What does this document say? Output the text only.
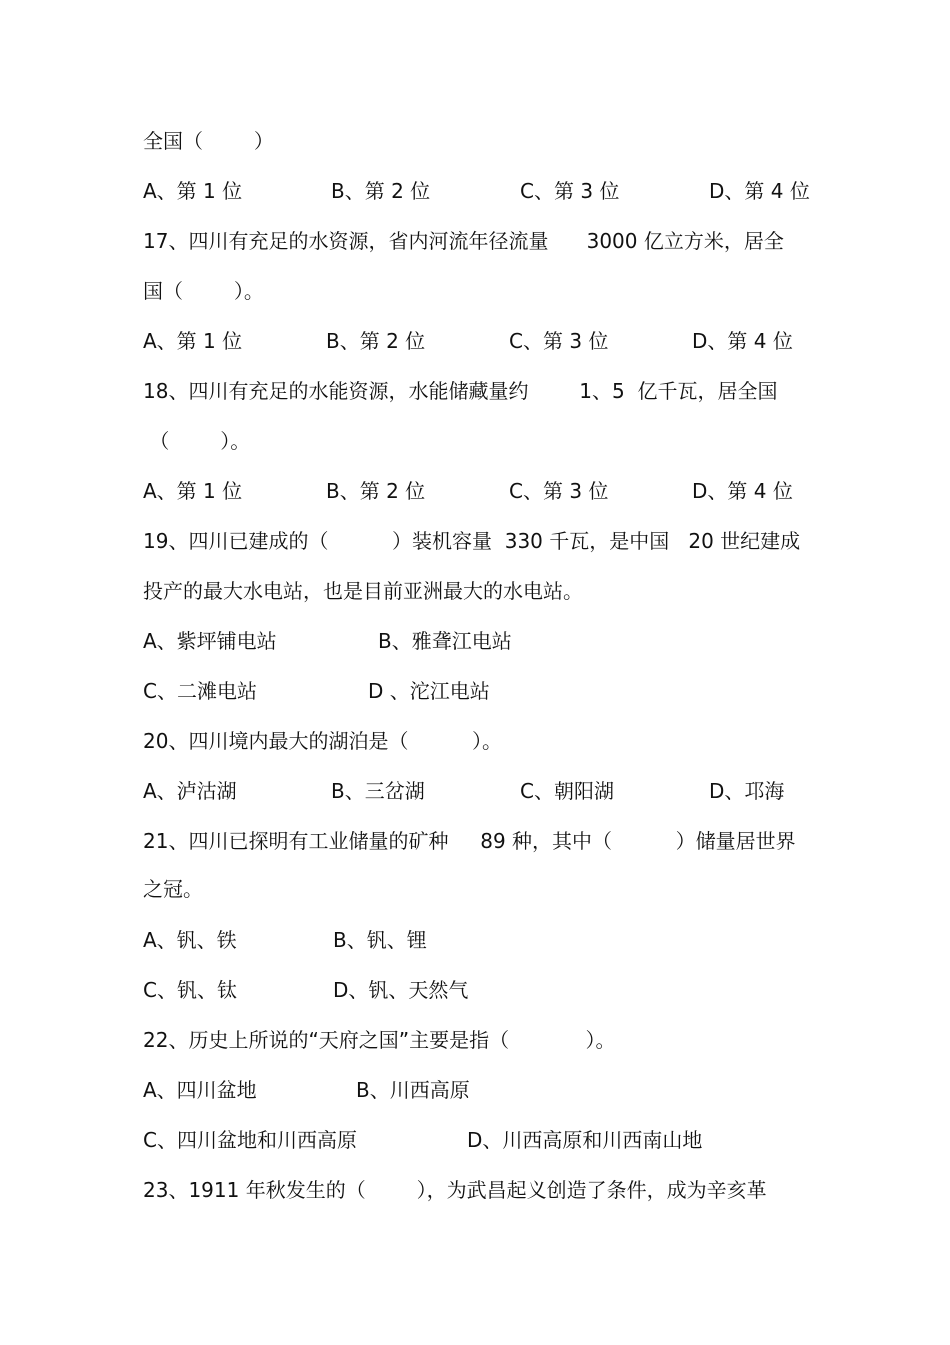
全国（        ）
A、第 1 位	B、第 2 位	C、第 3 位	D、第 4 位
17、四川有充足的水资源，省内河流年径流量      3000 亿立方米，居全
国（        ）。
A、第 1 位	B、第 2 位	C、第 3 位	D、第 4 位
18、四川有充足的水能资源，水能储藏量约        1、5  亿千瓦，居全国
（        ）。
A、第 1 位	B、第 2 位	C、第 3 位	D、第 4 位
19、四川已建成的（          ）装机容量  330 千瓦，是中国   20 世纪建成
投产的最大水电站，也是目前亚洲最大的水电站。
A、紫坪铺电站	B、雅聋江电站
C、二滩电站	D 、沱江电站
20、四川境内最大的湖泊是（          ）。
A、泸沽湖	B、三岔湖	C、朝阳湖	D、邛海
21、四川已探明有工业储量的矿种     89 种，其中（          ）储量居世界
之冠。
A、钒、铁	B、钒、锂
C、钒、钛	D、钒、天然气
22、历史上所说的“天府之国”主要是指（            ）。
A、四川盆地	B、川西高原
C、四川盆地和川西高原	D、川西高原和川西南山地
23、1911 年秋发生的（        ），为武昌起义创造了条件，成为辛亥革
